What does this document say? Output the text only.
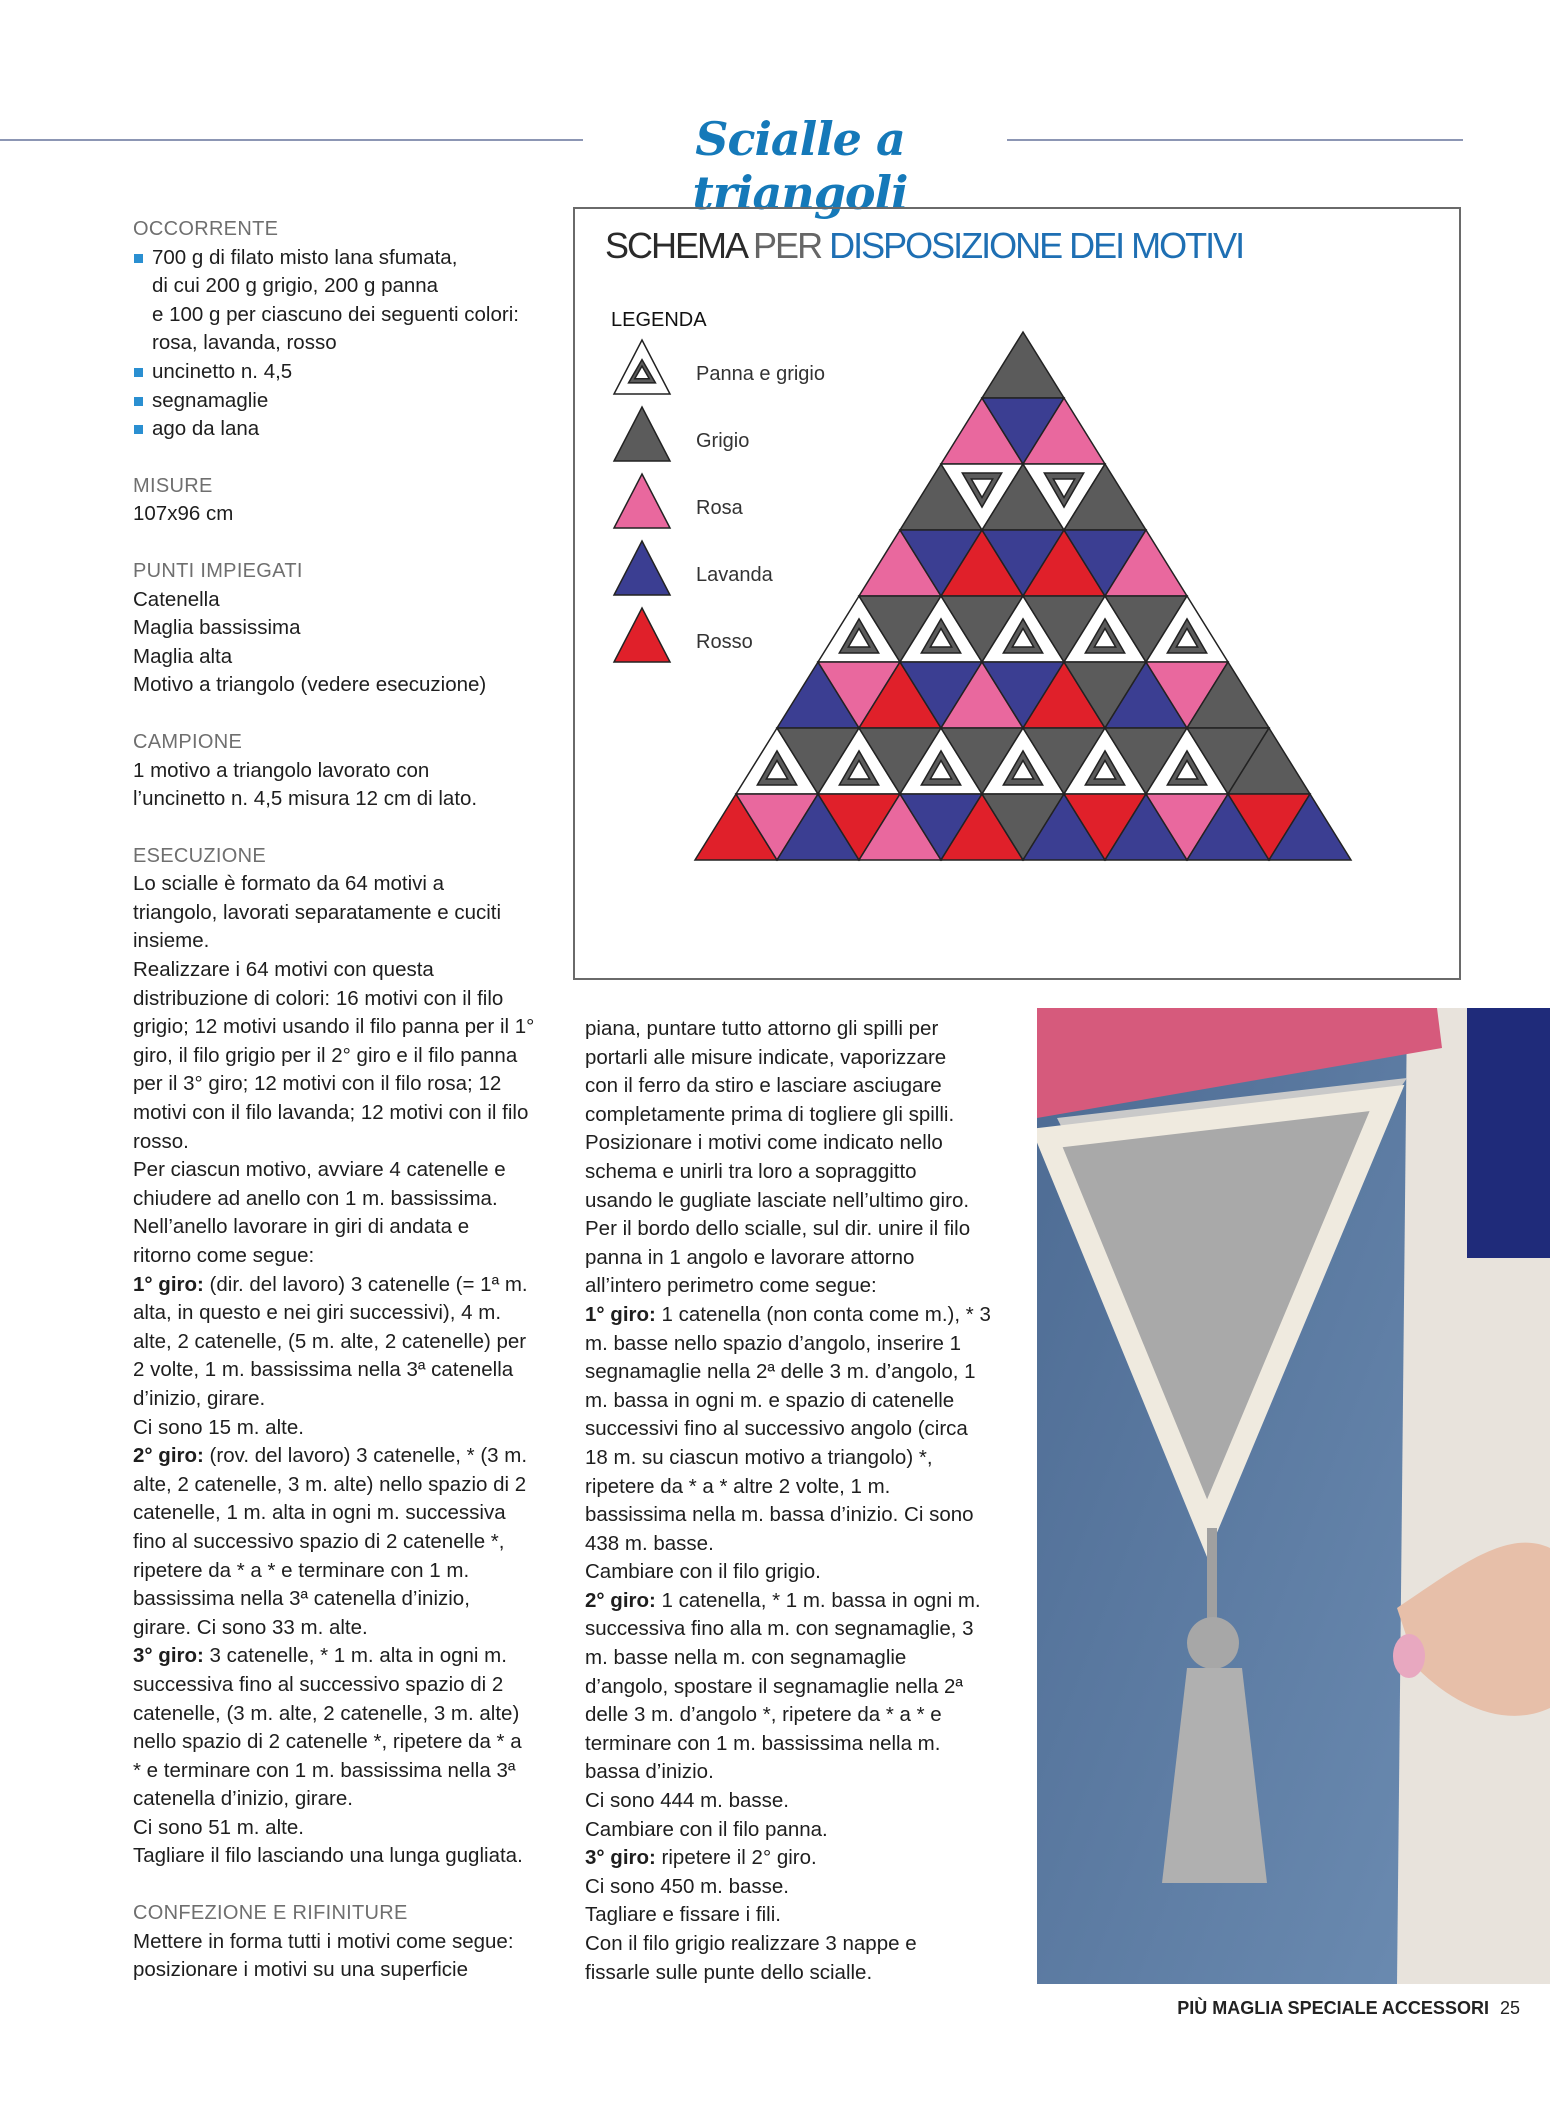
Scialle a triangoli

OCCORRENTE

700 g di filato misto lana sfumata,
di cui 200 g grigio, 200 g panna
e 100 g per ciascuno dei seguenti colori:
rosa, lavanda, rosso
uncinetto n. 4,5
segnamaglie
ago da lana

MISURE

107x96 cm

PUNTI IMPIEGATI

Catenella

Maglia bassissima

Maglia alta

Motivo a triangolo (vedere esecuzione)

CAMPIONE

1 motivo a triangolo lavorato con

l’uncinetto n. 4,5 misura 12 cm di lato.

ESECUZIONE

Lo scialle è formato da 64 motivi a

triangolo, lavorati separatamente e cuciti

insieme.

Realizzare i 64 motivi con questa

distribuzione di colori: 16 motivi con il filo

grigio; 12 motivi usando il filo panna per il 1°

giro, il filo grigio per il 2° giro e il filo panna

per il 3° giro; 12 motivi con il filo rosa; 12

motivi con il filo lavanda; 12 motivi con il filo

rosso.

Per ciascun motivo, avviare 4 catenelle e

chiudere ad anello con 1 m. bassissima.

Nell’anello lavorare in giri di andata e

ritorno come segue:

1° giro: (dir. del lavoro) 3 catenelle (= 1ª m.

alta, in questo e nei giri successivi), 4 m.

alte, 2 catenelle, (5 m. alte, 2 catenelle) per

2 volte, 1 m. bassissima nella 3ª catenella

d’inizio, girare.

Ci sono 15 m. alte.

2° giro: (rov. del lavoro) 3 catenelle, * (3 m.

alte, 2 catenelle, 3 m. alte) nello spazio di 2

catenelle, 1 m. alta in ogni m. successiva

fino al successivo spazio di 2 catenelle *,

ripetere da * a * e terminare con 1 m.

bassissima nella 3ª catenella d’inizio,

girare. Ci sono 33 m. alte.

3° giro: 3 catenelle, * 1 m. alta in ogni m.

successiva fino al successivo spazio di 2

catenelle, (3 m. alte, 2 catenelle, 3 m. alte)

nello spazio di 2 catenelle *, ripetere da * a

* e terminare con 1 m. bassissima nella 3ª

catenella d’inizio, girare.

Ci sono 51 m. alte.

Tagliare il filo lasciando una lunga gugliata.

CONFEZIONE E RIFINITURE

Mettere in forma tutti i motivi come segue:

posizionare i motivi su una superficie

SCHEMA PER DISPOSIZIONE DEI MOTIVI
LEGENDA
Panna e grigio
Grigio
Rosa
Lavanda
Rosso

piana, puntare tutto attorno gli spilli per

portarli alle misure indicate, vaporizzare

con il ferro da stiro e lasciare asciugare

completamente prima di togliere gli spilli.

Posizionare i motivi come indicato nello

schema e unirli tra loro a sopraggitto

usando le gugliate lasciate nell’ultimo giro.

Per il bordo dello scialle, sul dir. unire il filo

panna in 1 angolo e lavorare attorno

all’intero perimetro come segue:

1° giro: 1 catenella (non conta come m.), * 3

m. basse nello spazio d’angolo, inserire 1

segnamaglie nella 2ª delle 3 m. d’angolo, 1

m. bassa in ogni m. e spazio di catenelle

successivi fino al successivo angolo (circa

18 m. su ciascun motivo a triangolo) *,

ripetere da * a * altre 2 volte, 1 m.

bassissima nella m. bassa d’inizio. Ci sono

438 m. basse.

Cambiare con il filo grigio.

2° giro: 1 catenella, * 1 m. bassa in ogni m.

successiva fino alla m. con segnamaglie, 3

m. basse nella m. con segnamaglie

d’angolo, spostare il segnamaglie nella 2ª

delle 3 m. d’angolo *, ripetere da * a * e

terminare con 1 m. bassissima nella m.

bassa d’inizio.

Ci sono 444 m. basse.

Cambiare con il filo panna.

3° giro: ripetere il 2° giro.

Ci sono 450 m. basse.

Tagliare e fissare i fili.

Con il filo grigio realizzare 3 nappe e

fissarle sulle punte dello scialle.

PIÙ MAGLIA SPECIALE ACCESSORI 25
